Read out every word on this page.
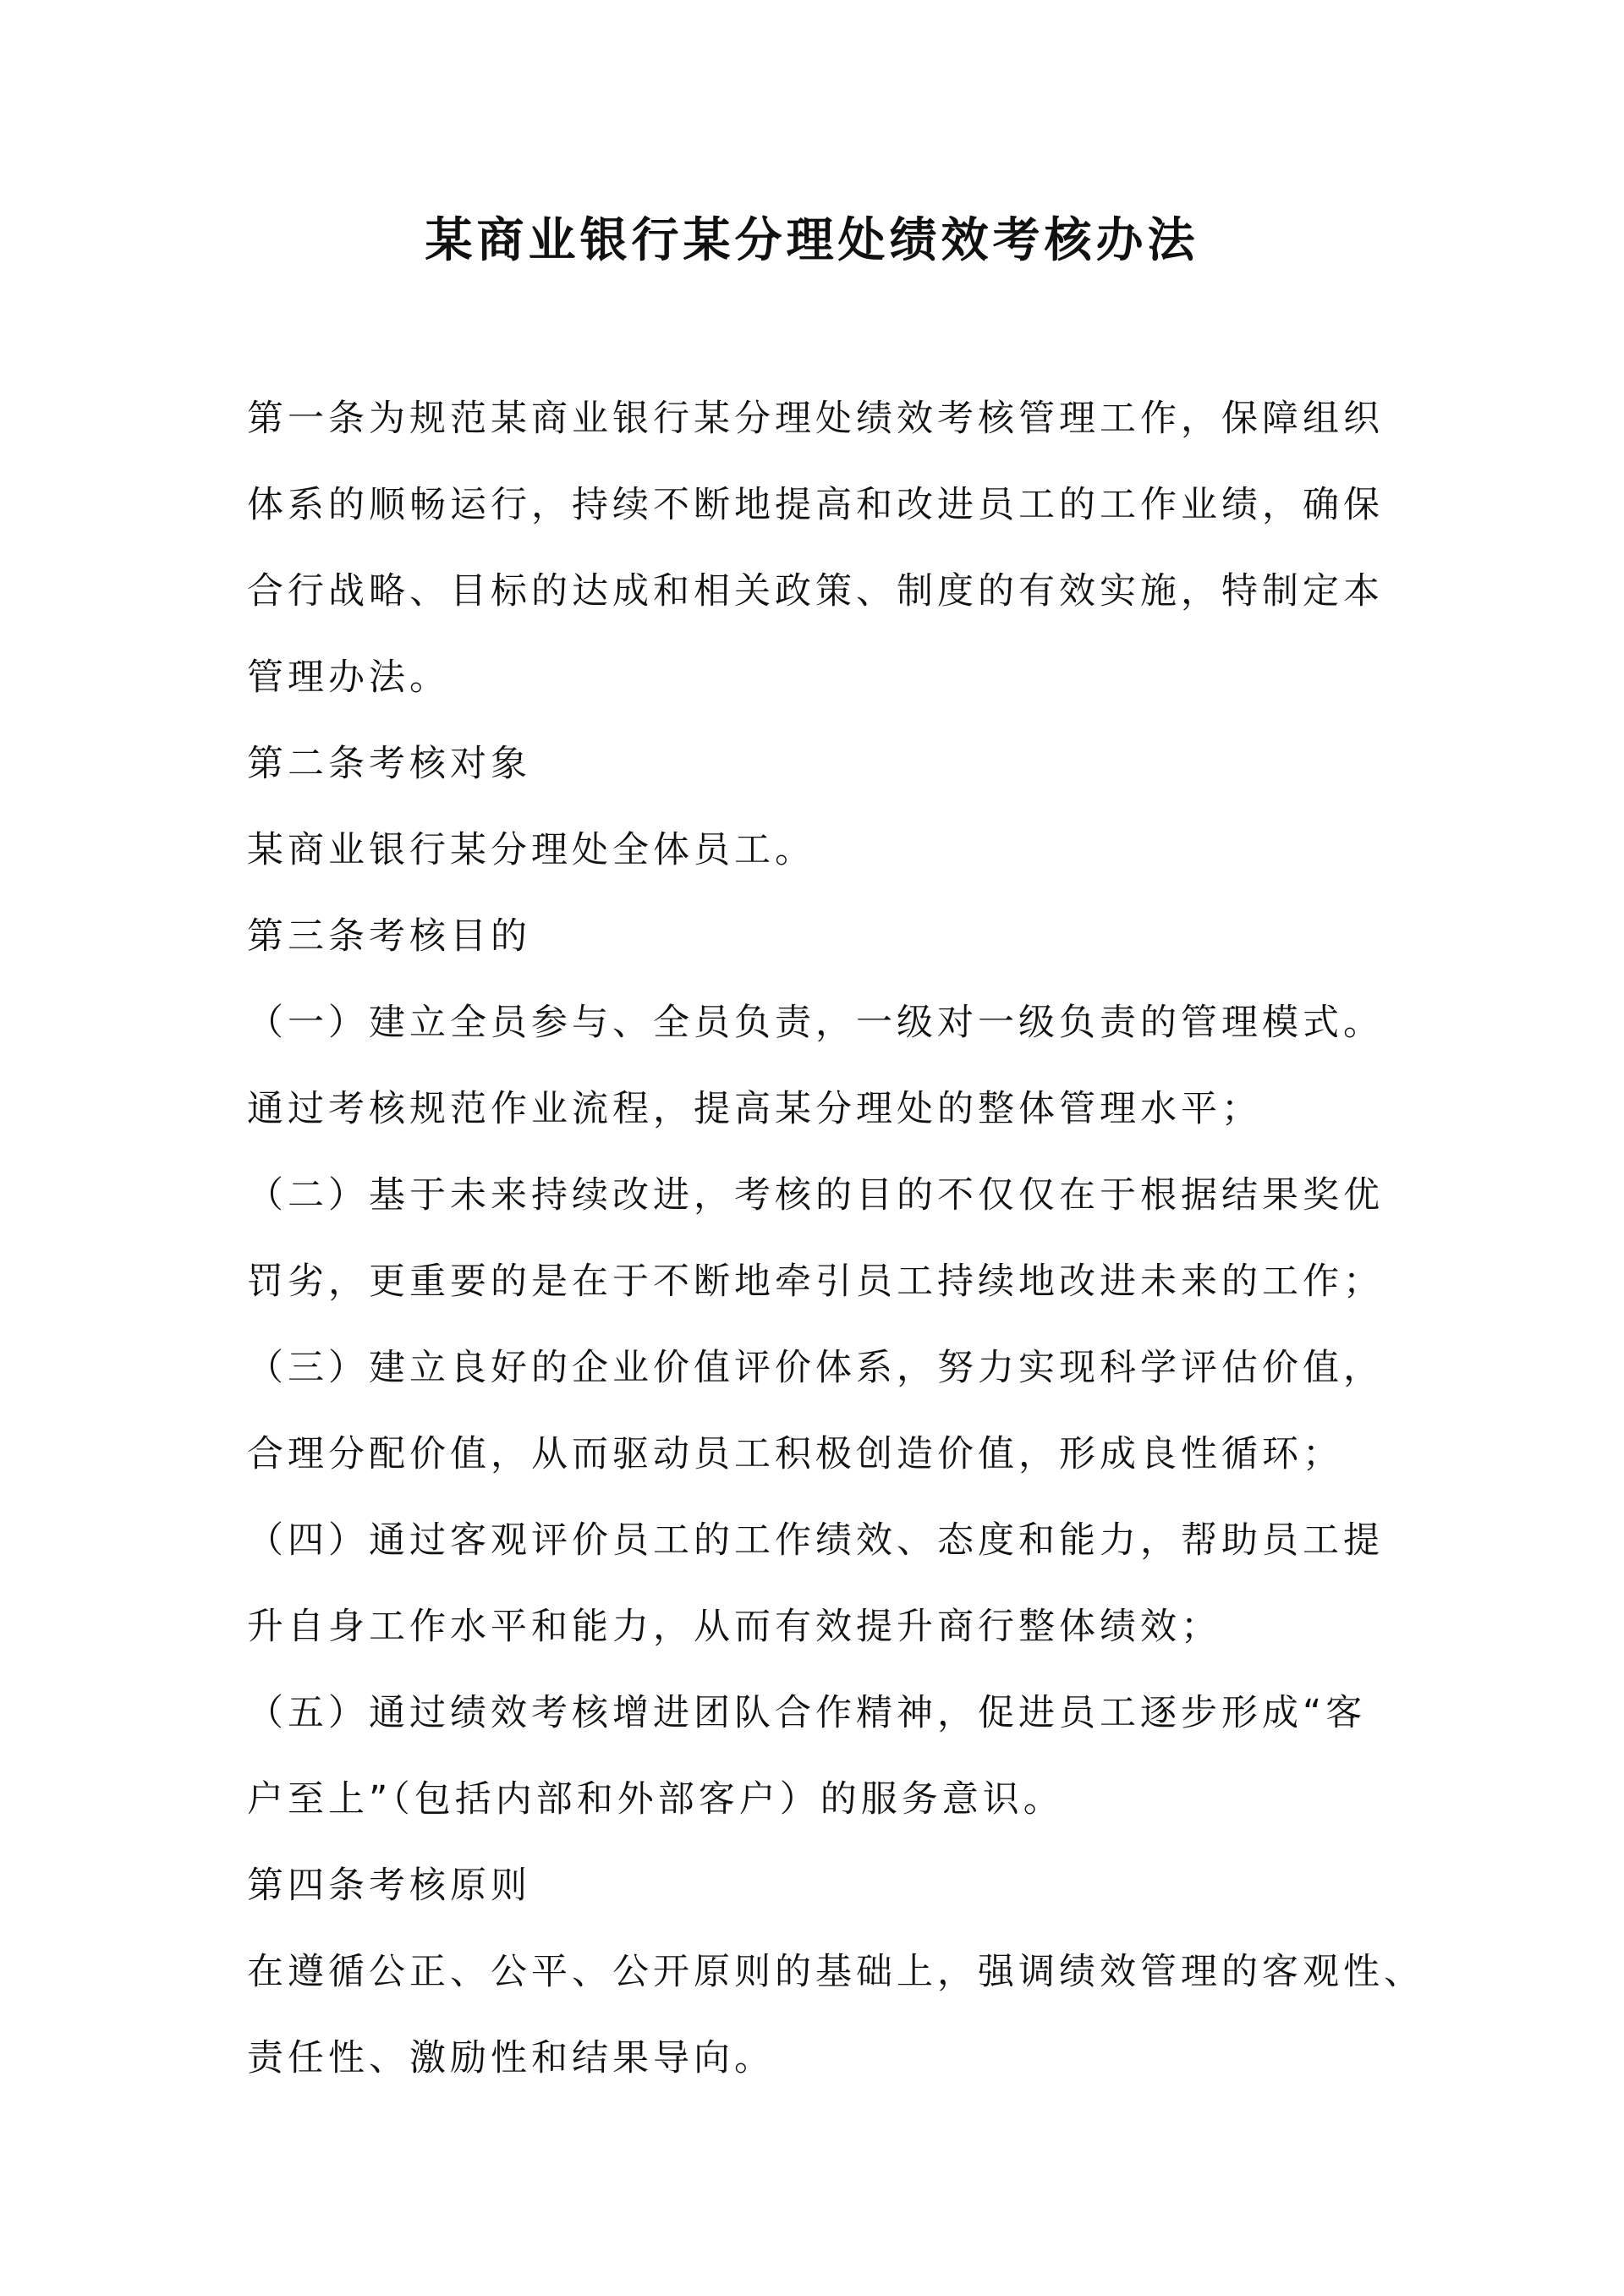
某商业银行某分理处绩效考核办法

第一条为规范某商业银行某分理处绩效考核管理工作，保障组织

体系的顺畅运行，持续不断地提高和改进员工的工作业绩，确保

合行战略、目标的达成和相关政策、制度的有效实施，特制定本

管理办法。

第二条考核对象

某商业银行某分理处全体员工。

第三条考核目的

（一）建立全员参与、全员负责，一级对一级负责的管理模式。

通过考核规范作业流程，提高某分理处的整体管理水平；

（二）基于未来持续改进，考核的目的不仅仅在于根据结果奖优

罚劣，更重要的是在于不断地牵引员工持续地改进未来的工作；

（三）建立良好的企业价值评价体系，努力实现科学评估价值，

合理分配价值，从而驱动员工积极创造价值，形成良性循环；

（四）通过客观评价员工的工作绩效、态度和能力，帮助员工提

升自身工作水平和能力，从而有效提升商行整体绩效；

（五）通过绩效考核增进团队合作精神，促进员工逐步形成“客

户至上”（包括内部和外部客户）的服务意识。

第四条考核原则

在遵循公正、公平、公开原则的基础上，强调绩效管理的客观性、

责任性、激励性和结果导向。
